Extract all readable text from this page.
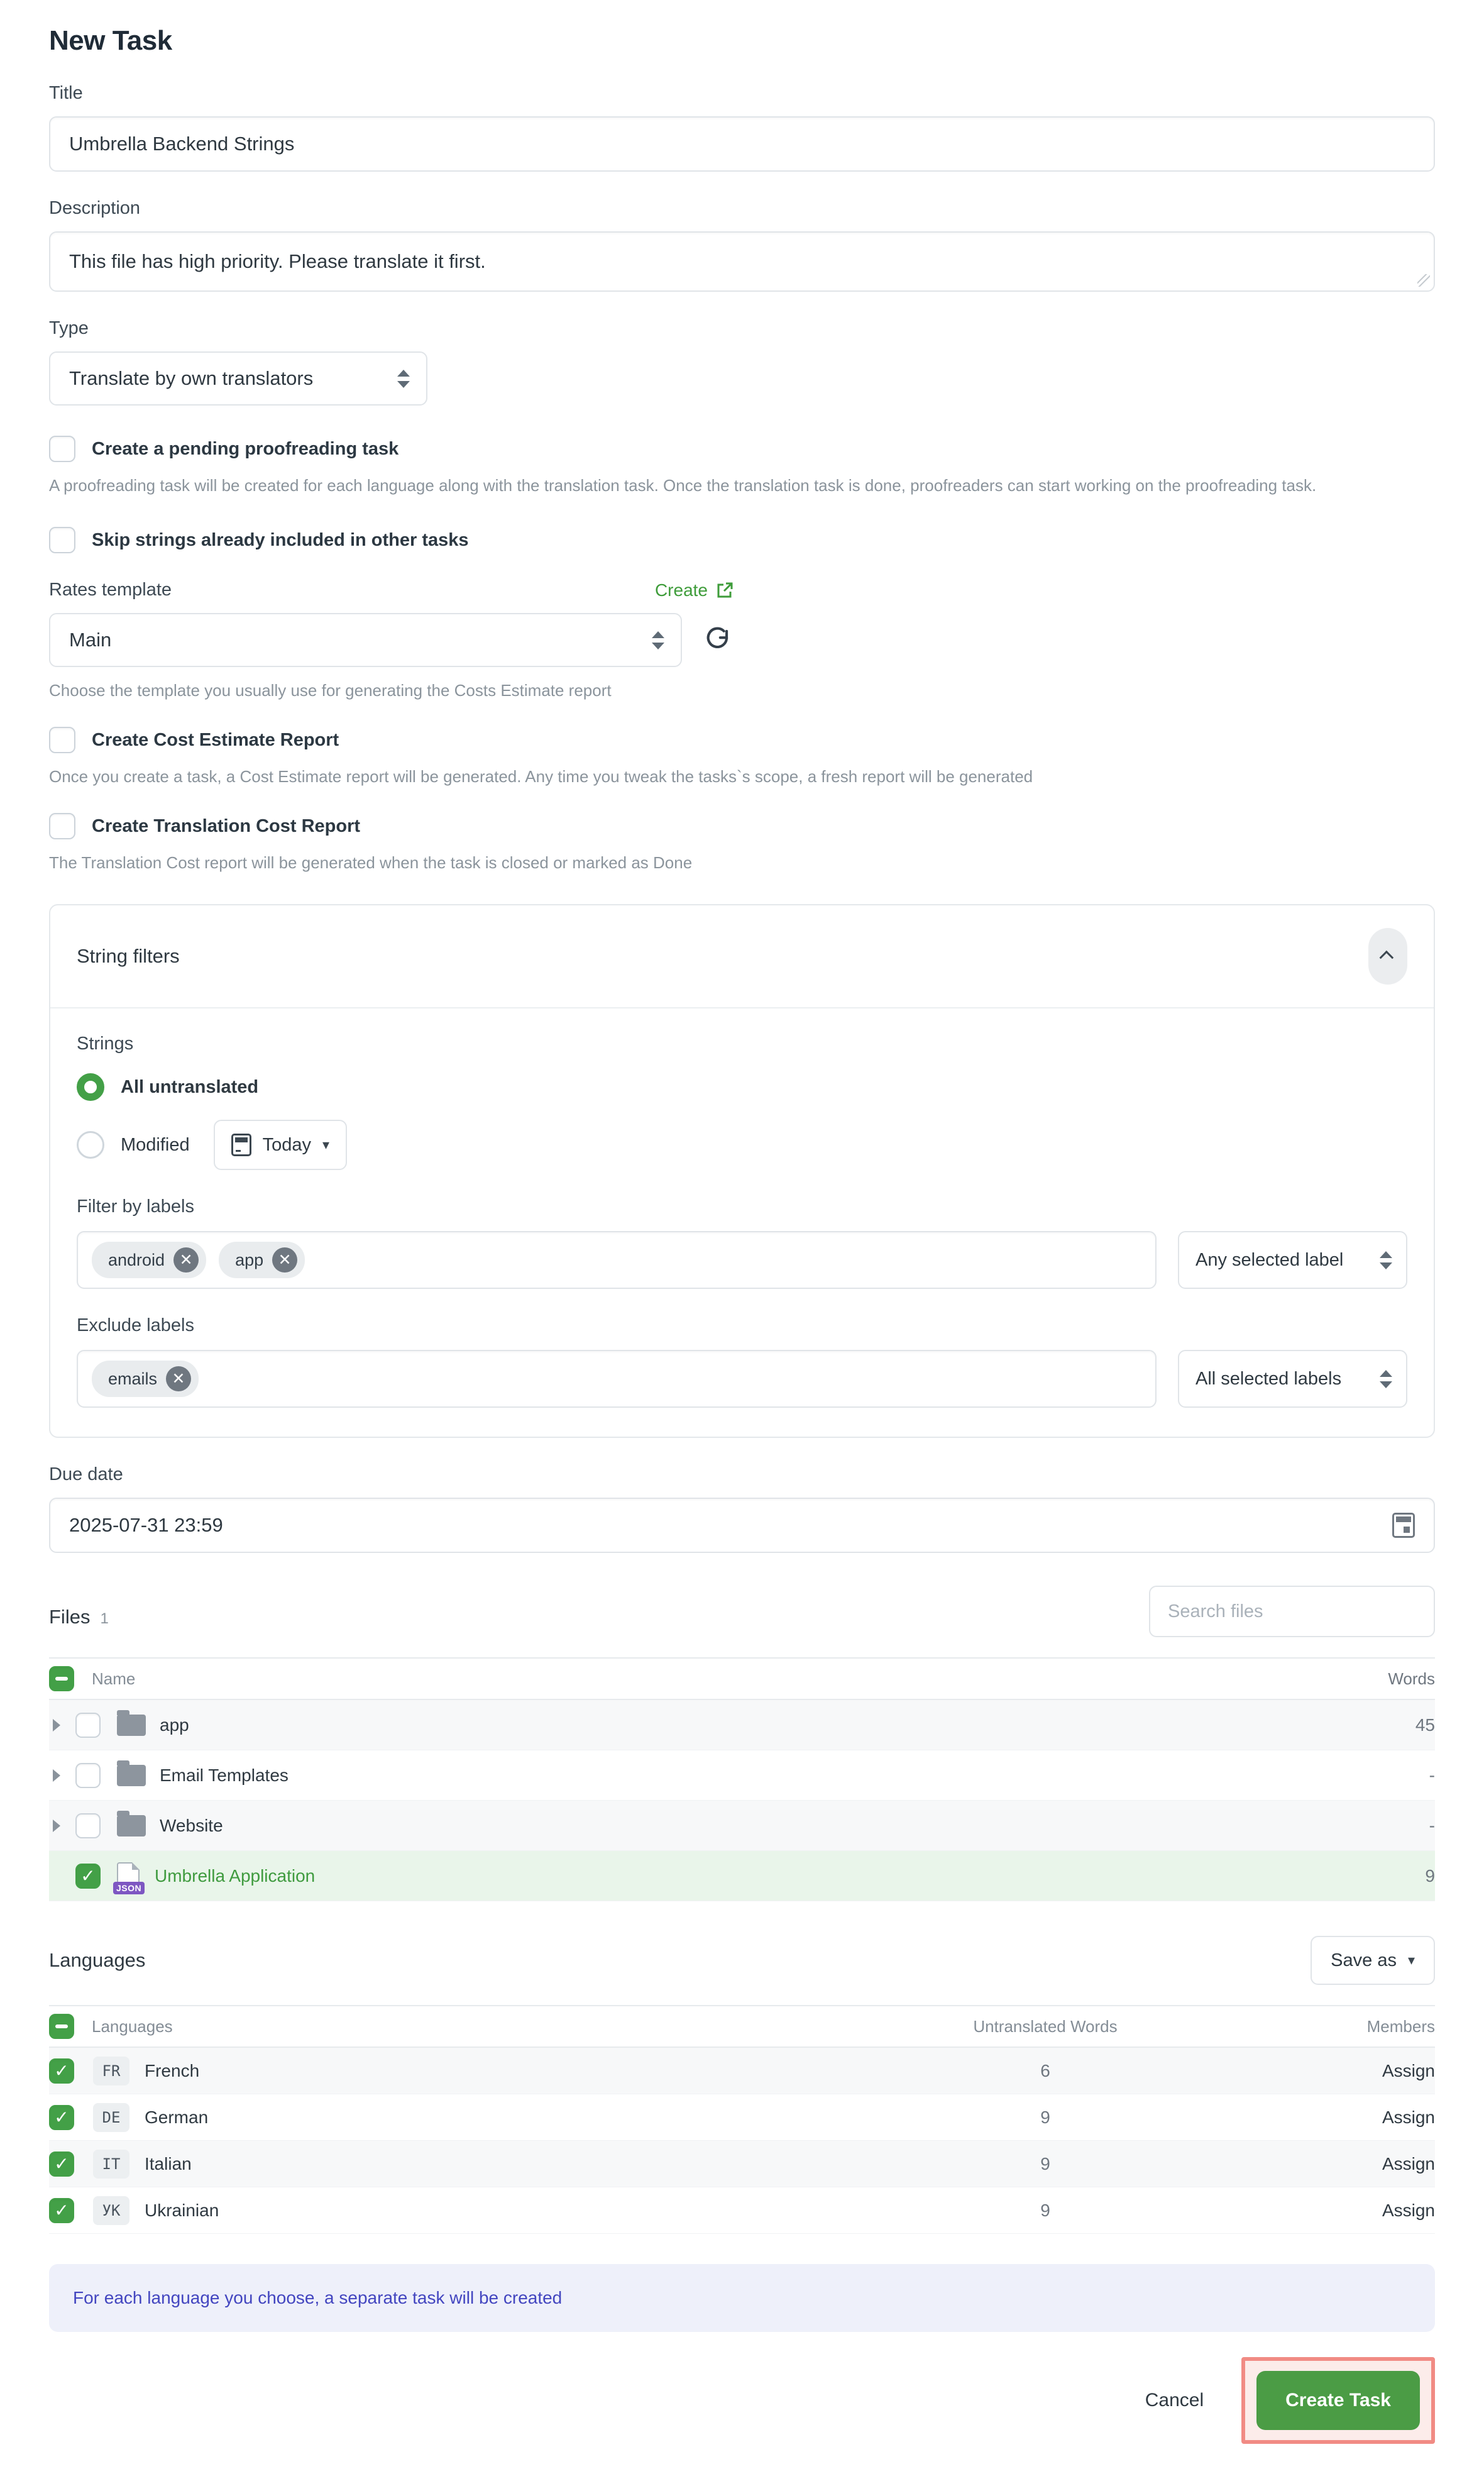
New Task
Title
Umbrella Backend Strings
Description
This file has high priority. Please translate it first.
Type
Translate by own translators
Create a pending proofreading task
A proofreading task will be created for each language along with the translation task. Once the translation task is done, proofreaders can start working on the proofreading task.
Skip strings already included in other tasks
Rates template	Create
Main
Choose the template you usually use for generating the Costs Estimate report
Create Cost Estimate Report
Once you create a task, a Cost Estimate report will be generated. Any time you tweak the tasks`s scope, a fresh report will be generated
Create Translation Cost Report
The Translation Cost report will be generated when the task is closed or marked as Done
String filters
Strings
All untranslated
Modified	Today ▾
Filter by labels
android ✕	app ✕	Any selected label
Exclude labels
emails ✕	All selected labels
Due date
2025-07-31 23:59
Files 1
Search files
Name	Words
app	45
Email Templates	-
Website	-
✓
JSON
Umbrella Application	9
Languages	Save as ▾
Languages	Untranslated Words	Members
✓	FR	French	6	Assign
✓	DE	German	9	Assign
✓	IT	Italian	9	Assign
✓	УК	Ukrainian	9	Assign
For each language you choose, a separate task will be created
Cancel	Create Task
